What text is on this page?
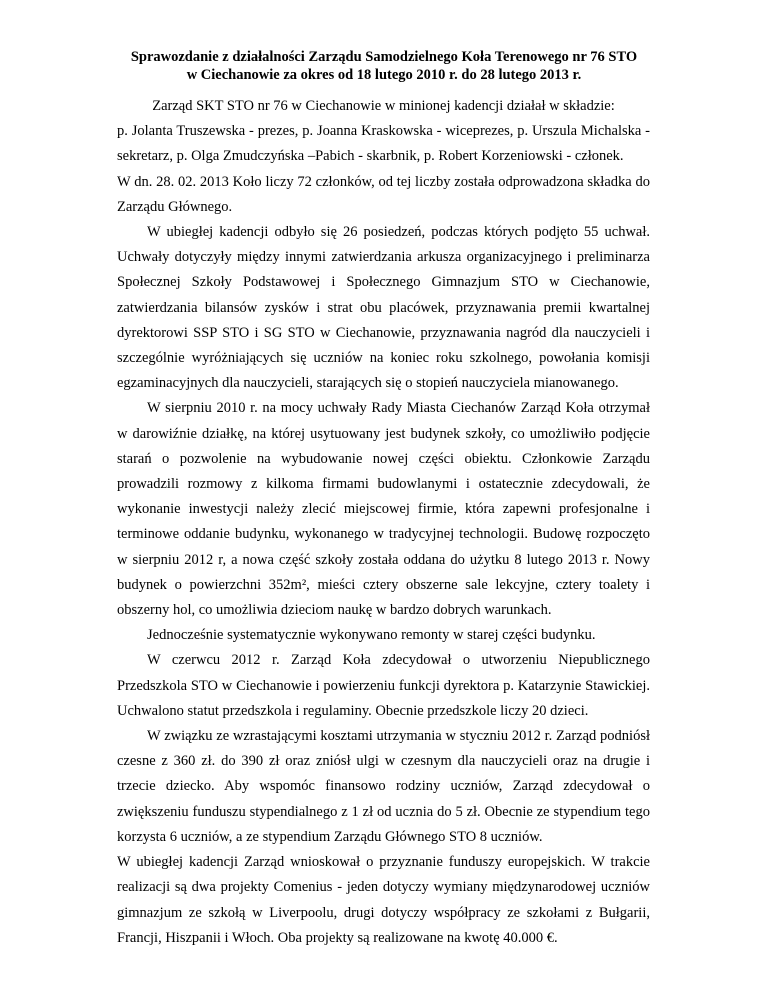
Sprawozdanie z działalności Zarządu Samodzielnego Koła Terenowego nr 76 STO
w Ciechanowie za okres od 18 lutego 2010 r. do 28 lutego 2013 r.

Zarząd SKT STO nr 76 w Ciechanowie w minionej kadencji działał w składzie:

p. Jolanta Truszewska - prezes, p. Joanna Kraskowska - wiceprezes, p. Urszula Michalska -sekretarz, p. Olga Zmudczyńska –Pabich - skarbnik, p. Robert Korzeniowski - członek.

W dn. 28. 02. 2013 Koło liczy 72 członków, od tej liczby została odprowadzona składka do Zarządu Głównego.

W ubiegłej kadencji odbyło się 26 posiedzeń, podczas których podjęto 55 uchwał. Uchwały dotyczyły między innymi zatwierdzania arkusza organizacyjnego i preliminarza Społecznej Szkoły Podstawowej i Społecznego Gimnazjum STO w Ciechanowie, zatwierdzania bilansów zysków i strat obu placówek, przyznawania premii kwartalnej dyrektorowi SSP STO i SG STO w Ciechanowie, przyznawania nagród dla nauczycieli i szczególnie wyróżniających się uczniów na koniec roku szkolnego, powołania komisji egzaminacyjnych dla nauczycieli, starających się o stopień nauczyciela mianowanego.

W sierpniu 2010 r. na mocy uchwały Rady Miasta Ciechanów Zarząd Koła otrzymał w darowiźnie działkę, na której usytuowany jest budynek szkoły, co umożliwiło podjęcie starań o pozwolenie na wybudowanie nowej części obiektu. Członkowie Zarządu prowadzili rozmowy z kilkoma firmami budowlanymi i ostatecznie zdecydowali, że wykonanie inwestycji należy zlecić miejscowej firmie, która zapewni profesjonalne i terminowe oddanie budynku, wykonanego w tradycyjnej technologii. Budowę rozpoczęto w sierpniu 2012 r, a nowa część szkoły została oddana do użytku 8 lutego 2013 r. Nowy budynek o powierzchni 352m², mieści cztery obszerne sale lekcyjne, cztery toalety i obszerny hol, co umożliwia dzieciom naukę w bardzo dobrych warunkach.

Jednocześnie systematycznie wykonywano remonty w starej części budynku.

W czerwcu 2012 r. Zarząd Koła zdecydował o utworzeniu Niepublicznego Przedszkola STO w Ciechanowie i powierzeniu funkcji dyrektora p. Katarzynie Stawickiej. Uchwalono statut przedszkola i regulaminy. Obecnie przedszkole liczy 20 dzieci.

W związku ze wzrastającymi kosztami utrzymania w styczniu 2012 r. Zarząd podniósł czesne z 360 zł. do 390 zł oraz zniósł ulgi w czesnym dla nauczycieli oraz na drugie i trzecie dziecko. Aby wspomóc finansowo rodziny uczniów, Zarząd zdecydował o zwiększeniu funduszu stypendialnego z 1 zł od ucznia do 5 zł. Obecnie ze stypendium tego korzysta 6 uczniów, a ze stypendium Zarządu Głównego STO 8 uczniów.

W ubiegłej kadencji Zarząd wnioskował o przyznanie funduszy europejskich. W trakcie realizacji są dwa projekty Comenius - jeden dotyczy wymiany międzynarodowej uczniów gimnazjum ze szkołą w Liverpoolu, drugi dotyczy współpracy ze szkołami z Bułgarii, Francji, Hiszpanii i Włoch. Oba projekty są realizowane na kwotę 40.000 €.
